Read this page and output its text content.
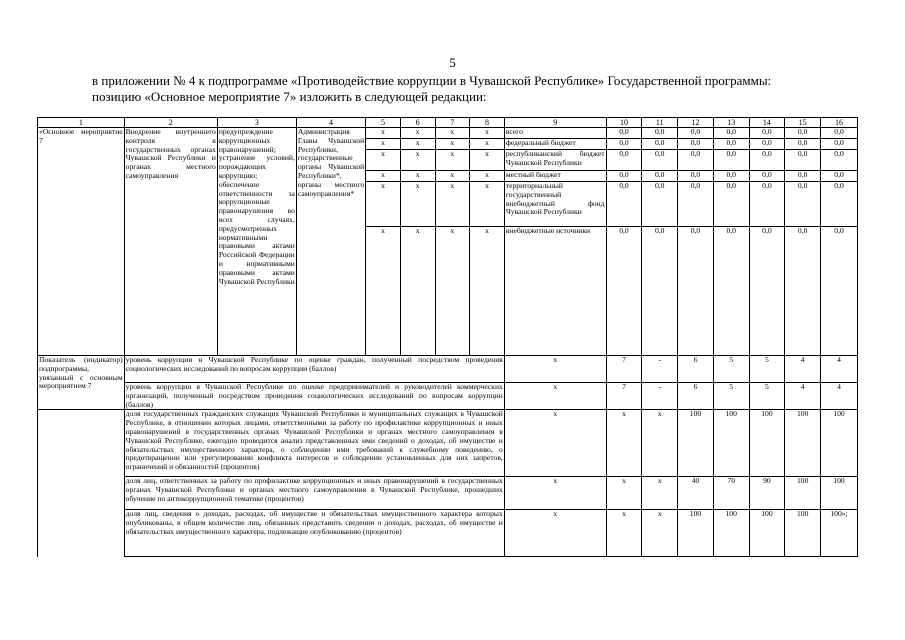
5
в приложении № 4 к подпрограмме «Противодействие коррупции в Чувашской Республике» Государственной программы:
позицию «Основное мероприятие 7» изложить в следующей редакции:
1	2	3	4	5	6	7	8	9	10	11	12	13	14	15	16
«Основное мероприятие 7	Внедрение внутреннего контроля в государственных органах Чувашской Республики и органах местного самоуправления	предупреждение коррупционных правонарушений; устранение условий, порождающих коррупцию; обеспечение ответственности за коррупционные правонарушения во всех случаях, предусмотренных нормативными правовыми актами Российской Федерации и нормативными правовыми актами Чувашской Республики	Администрация Главы Чувашской Республики, государственные органы Чувашской Республики*, органы местного самоуправления*	x	x	x	x	всего	0,0	0,0	0,0	0,0	0,0	0,0	0,0
				x	x	x	x	федеральный бюджет	0,0	0,0	0,0	0,0	0,0	0,0	0,0
				x	x	x	x	республиканский бюджет Чувашской Республики	0,0	0,0	0,0	0,0	0,0	0,0	0,0
				x	x	x	x	местный бюджет	0,0	0,0	0,0	0,0	0,0	0,0	0,0
				x	x	x	x	территориальный государственный внебюджетный фонд Чувашской Республики	0,0	0,0	0,0	0,0	0,0	0,0	0,0
				x	x	x	x	внебюджетные источники	0,0	0,0	0,0	0,0	0,0	0,0	0,0
Показатель (индикатор) подпрограммы, увязанный с основным мероприятием 7	уровень коррупции в Чувашской Республике по оценке граждан, полученный посредством проведения социологических исследований по вопросам коррупции (баллов)							x	7	-	6	5	5	4	4
	уровень коррупции в Чувашской Республике по оценке предпринимателей и руководителей коммерческих организаций, полученный посредством проведения социологических исследований по вопросам коррупции (баллов)							x	7	-	6	5	5	4	4
	доля государственных гражданских служащих Чувашской Республики и муниципальных служащих в Чувашской Республике, в отношении которых лицами, ответственными за работу по профилактике коррупционных и иных правонарушений в государственных органах Чувашской Республики и органах местного самоуправления в Чувашской Республике, ежегодно проводится анализ представленных ими сведений о доходах, об имуществе и обязательствах имущественного характера, о соблюдении ими требований к служебному поведению, о предотвращении или урегулировании конфликта интересов и соблюдении установленных для них запретов, ограничений и обязанностей (процентов)							x	x	x	100	100	100	100	100
	доля лиц, ответственных за работу по профилактике коррупционных и иных правонарушений в государственных органах Чувашской Республики и органах местного самоуправления в Чувашской Республике, прошедших обучение по антикоррупционной тематике (процентов)							x	x	x	40	70	90	100	100
	доля лиц, сведения о доходах, расходах, об имуществе и обязательствах имущественного характера которых опубликованы, в общем количестве лиц, обязанных представить сведения о доходах, расходах, об имуществе и обязательствах имущественного характера, подлежащие опубликованию (процентов)							x	x	x	100	100	100	100	100»;
